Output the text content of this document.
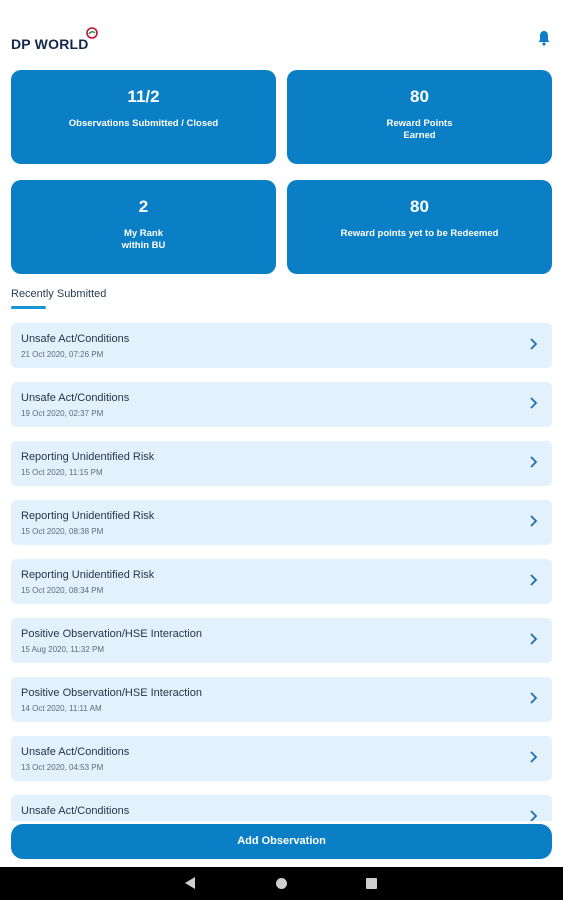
DP WORLD
11/2
Observations Submitted / Closed
80
Reward Points
Earned
2
My Rank
within BU
80
Reward points yet to be Redeemed
Recently Submitted
Unsafe Act/Conditions
21 Oct 2020, 07:26 PM
Unsafe Act/Conditions
19 Oct 2020, 02:37 PM
Reporting Unidentified Risk
15 Oct 2020, 11:15 PM
Reporting Unidentified Risk
15 Oct 2020, 08:38 PM
Reporting Unidentified Risk
15 Oct 2020, 08:34 PM
Positive Observation/HSE Interaction
15 Aug 2020, 11:32 PM
Positive Observation/HSE Interaction
14 Oct 2020, 11:11 AM
Unsafe Act/Conditions
13 Oct 2020, 04:53 PM
Unsafe Act/Conditions
Add Observation
